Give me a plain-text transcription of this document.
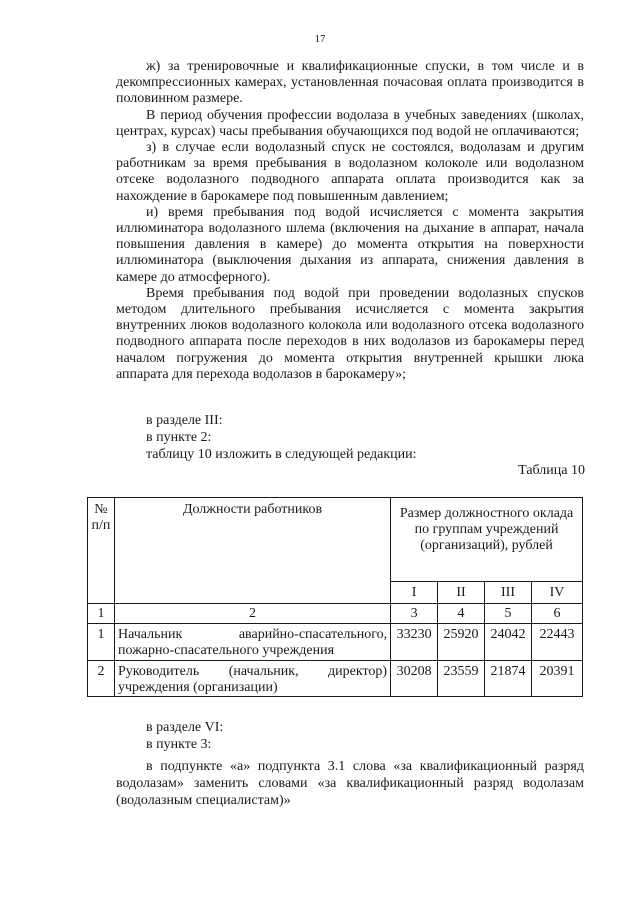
17

ж) за тренировочные и квалификационные спуски, в том числе и в декомпрессионных камерах, установленная почасовая оплата производится в половинном размере.

В период обучения профессии водолаза в учебных заведениях (школах, центрах, курсах) часы пребывания обучающихся под водой не оплачиваются;

з) в случае если водолазный спуск не состоялся, водолазам и другим работникам за время пребывания в водолазном колоколе или водолазном отсеке водолазного подводного аппарата оплата производится как за нахождение в барокамере под повышенным давлением;

и) время пребывания под водой исчисляется с момента закрытия иллюминатора водолазного шлема (включения на дыхание в аппарат, начала повышения давления в камере) до момента открытия на поверхности иллюминатора (выключения дыхания из аппарата, снижения давления в камере до атмосферного).

Время пребывания под водой при проведении водолазных спусков методом длительного пребывания исчисляется с момента закрытия внутренних люков водолазного колокола или водолазного отсека водолазного подводного аппарата после переходов в них водолазов из барокамеры перед началом погружения до момента открытия внутренней крышки люка аппарата для перехода водолазов в барокамеру»;

в разделе III:
в пункте 2:
таблицу 10 изложить в следующей редакции:
Таблица 10
№ п/п	Должности работников	Размер должностного оклада по группам учреждений (организаций), рублей			
		I	II	III	IV
1	2	3	4	5	6
1	Начальник аварийно-спасательного, пожарно-спасательного учреждения	33230	25920	24042	22443
2	Руководитель (начальник, директор) учреждения (организации)	30208	23559	21874	20391
в разделе VI:
в пункте 3:
в подпункте «а» подпункта 3.1 слова «за квалификационный разряд водолазам» заменить словами «за квалификационный разряд водолазам (водолазным специалистам)»
